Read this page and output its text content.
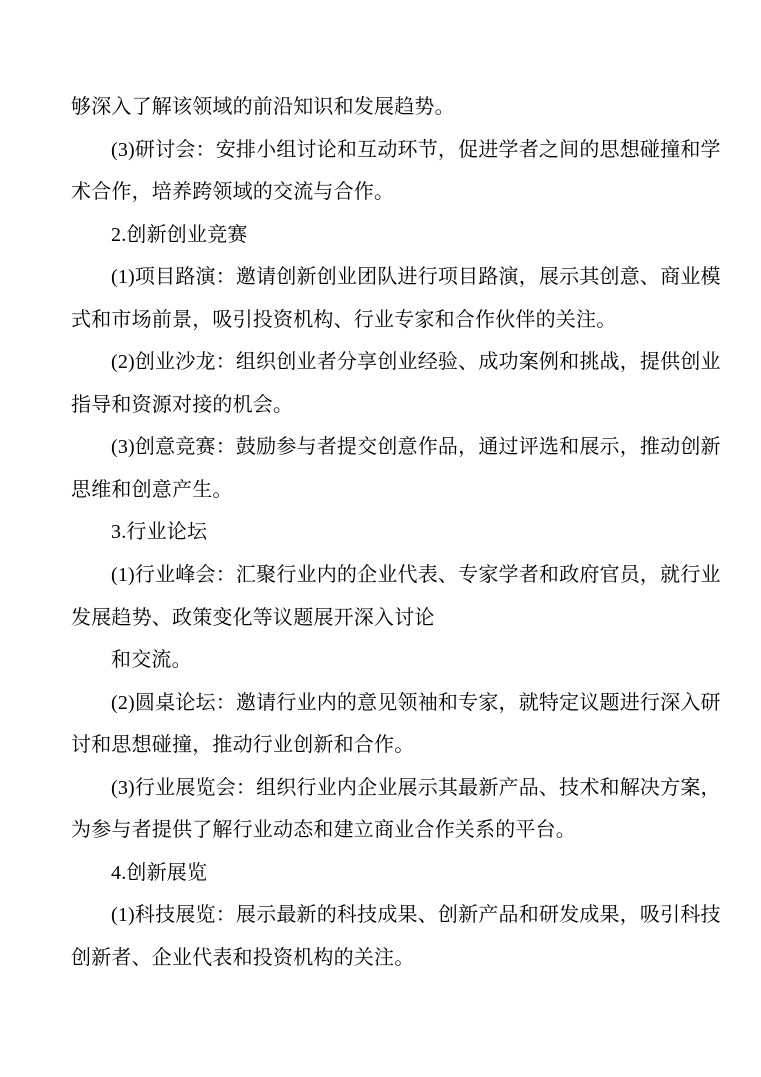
够深入了解该领域的前沿知识和发展趋势。
(3)研讨会：安排小组讨论和互动环节，促进学者之间的思想碰撞和学
术合作，培养跨领域的交流与合作。
2.创新创业竞赛
(1)项目路演：邀请创新创业团队进行项目路演，展示其创意、商业模
式和市场前景，吸引投资机构、行业专家和合作伙伴的关注。
(2)创业沙龙：组织创业者分享创业经验、成功案例和挑战，提供创业
指导和资源对接的机会。
(3)创意竞赛：鼓励参与者提交创意作品，通过评选和展示，推动创新
思维和创意产生。
3.行业论坛
(1)行业峰会：汇聚行业内的企业代表、专家学者和政府官员，就行业
发展趋势、政策变化等议题展开深入讨论
和交流。
(2)圆桌论坛：邀请行业内的意见领袖和专家，就特定议题进行深入研
讨和思想碰撞，推动行业创新和合作。
(3)行业展览会：组织行业内企业展示其最新产品、技术和解决方案，
为参与者提供了解行业动态和建立商业合作关系的平台。
4.创新展览
(1)科技展览：展示最新的科技成果、创新产品和研发成果，吸引科技
创新者、企业代表和投资机构的关注。
